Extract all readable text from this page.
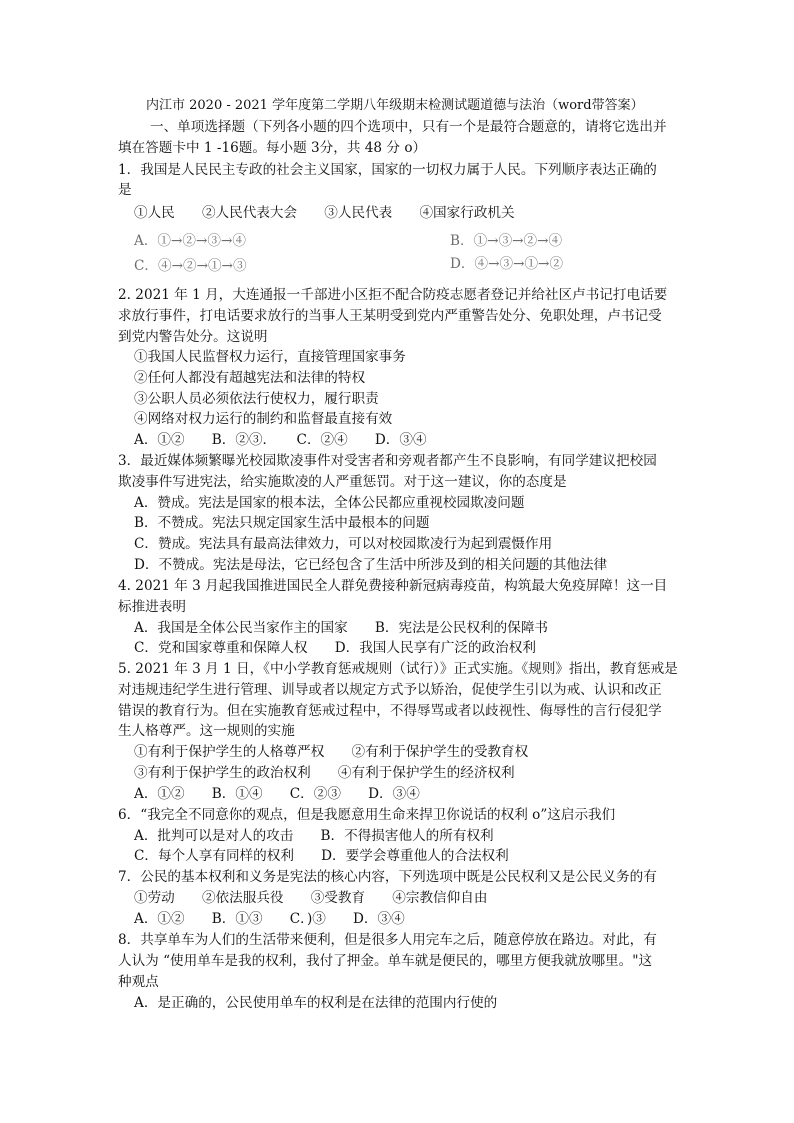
内江市 2020 - 2021 学年度第二学期八年级期末检测试题道德与法治（word带答案）
一、单项选择题（下列各小题的四个选项中，只有一个是最符合题意的，请将它选出并
填在答题卡中 1 -16题。每小题 3分，共 48 分 o）
1．我国是人民民主专政的社会主义国家，国家的一切权力属于人民。下列顺序表达正确的
是
①人民　　②人民代表大会　　③人民代表　　④国家行政机关
A．①→②→③→④	B．①→③→②→④
C．④→②→①→③	D．④→③→①→②
2. 2021 年 1 月，大连通报一千部进小区拒不配合防疫志愿者登记并给社区卢书记打电话要
求放行事件，打电话要求放行的当事人王某明受到党内严重警告处分、免职处理，卢书记受
到党内警告处分。这说明
①我国人民监督权力运行，直接管理国家事务
②任何人都没有超越宪法和法律的特权
③公职人员必须依法行使权力，履行职责
④网络对权力运行的制约和监督最直接有效
A．①②　　B．②③．　　C．②④　　D．③④
3．最近媒体频繁曝光校园欺凌事件对受害者和旁观者都产生不良影响，有同学建议把校园
欺凌事件写进宪法，给实施欺凌的人严重惩罚。对于这一建议，你的态度是
A．赞成。宪法是国家的根本法，全体公民都应重视校园欺凌问题
B．不赞成。宪法只规定国家生活中最根本的问题
C．赞成。宪法具有最高法律效力，可以对校园欺凌行为起到震慑作用
D．不赞成。宪法是母法，它已经包含了生活中所涉及到的相关问题的其他法律
4. 2021 年 3 月起我国推进国民全人群免费接种新冠病毒疫苗，构筑最大免疫屏障！这一目
标推进表明
A．我国是全体公民当家作主的国家　　B．宪法是公民权利的保障书
C．党和国家尊重和保障人权　　D．我国人民享有广泛的政治权利
5. 2021 年 3 月 1 日，《中小学教育惩戒规则（试行）》正式实施。《规则》指出，教育惩戒是
对违规违纪学生进行管理、训导或者以规定方式予以矫治，促使学生引以为戒、认识和改正
错误的教育行为。但在实施教育惩戒过程中，不得辱骂或者以歧视性、侮辱性的言行侵犯学
生人格尊严。这一规则的实施
①有利于保护学生的人格尊严权　　②有利于保护学生的受教育权
③有利于保护学生的政治权利　　④有利于保护学生的经济权利
A．①②　　B．①④　　C．②③　　D．③④
6．“我完全不同意你的观点，但是我愿意用生命来捍卫你说话的权利 o”这启示我们
A．批判可以是对人的攻击　　B．不得损害他人的所有权利
C．每个人享有同样的权利　　D．要学会尊重他人的合法权利
7．公民的基本权利和义务是宪法的核心内容，下列选项中既是公民权利又是公民义务的有
①劳动　　②依法服兵役　　③受教育　　④宗教信仰自由
A．①②　　B．①③　　C．)③　　D．③④
8．共享单车为人们的生活带来便利，但是很多人用完车之后，随意停放在路边。对此，有
人认为 “使用单车是我的权利，我付了押金。单车就是便民的，哪里方便我就放哪里。"这
种观点
A．是正确的，公民使用单车的权利是在法律的范围内行使的
